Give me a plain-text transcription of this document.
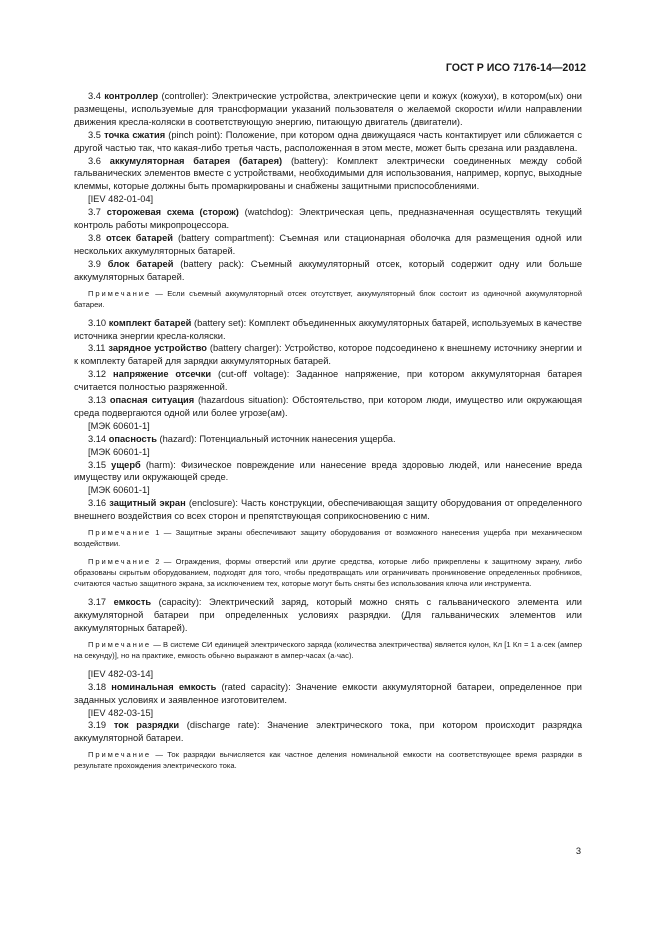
ГОСТ Р ИСО 7176-14—2012

3.4 контроллер (controller): Электрические устройства, электрические цепи и кожух (кожухи), в котором(ых) они размещены, используемые для трансформации указаний пользователя о желаемой скорости и/или направлении движения кресла-коляски в соответствующую энергию, питающую двигатель (двигатели).

3.5 точка сжатия (pinch point): Положение, при котором одна движущаяся часть контактирует или сближается с другой частью так, что какая-либо третья часть, расположенная в этом месте, может быть срезана или раздавлена.

3.6 аккумуляторная батарея (батарея) (battery): Комплект электрически соединенных между собой гальванических элементов вместе с устройствами, необходимыми для использования, например, корпус, выходные клеммы, которые должны быть промаркированы и снабжены защитными приспособлениями.

[IEV 482-01-04]

3.7 сторожевая схема (сторож) (watchdog): Электрическая цепь, предназначенная осуществлять текущий контроль работы микропроцессора.

3.8 отсек батарей (battery compartment): Съемная или стационарная оболочка для размещения одной или нескольких аккумуляторных батарей.

3.9 блок батарей (battery pack): Съемный аккумуляторный отсек, который содержит одну или больше аккумуляторных батарей.

Примечание — Если съемный аккумуляторный отсек отсутствует, аккумуляторный блок состоит из одиночной аккумуляторной батареи.

3.10 комплект батарей (battery set): Комплект объединенных аккумуляторных батарей, используемых в качестве источника энергии кресла-коляски.

3.11 зарядное устройство (battery charger): Устройство, которое подсоединено к внешнему источнику энергии и к комплекту батарей для зарядки аккумуляторных батарей.

3.12 напряжение отсечки (cut-off voltage): Заданное напряжение, при котором аккумуляторная батарея считается полностью разряженной.

3.13 опасная ситуация (hazardous situation): Обстоятельство, при котором люди, имущество или окружающая среда подвергаются одной или более угрозе(ам).

[МЭК 60601-1]

3.14 опасность (hazard): Потенциальный источник нанесения ущерба.

[МЭК 60601-1]

3.15 ущерб (harm): Физическое повреждение или нанесение вреда здоровью людей, или нанесение вреда имуществу или окружающей среде.

[МЭК 60601-1]

3.16 защитный экран (enclosure): Часть конструкции, обеспечивающая защиту оборудования от определенного внешнего воздействия со всех сторон и препятствующая соприкосновению с ним.

Примечание 1 — Защитные экраны обеспечивают защиту оборудования от возможного нанесения ущерба при механическом воздействии.

Примечание 2 — Ограждения, формы отверстий или другие средства, которые либо прикреплены к защитному экрану, либо образованы скрытым оборудованием, подходят для того, чтобы предотвращать или ограничивать проникновение определенных пробников, считаются частью защитного экрана, за исключением тех, которые могут быть сняты без использования ключа или инструмента.

3.17 емкость (capacity): Электрический заряд, который можно снять с гальванического элемента или аккумуляторной батареи при определенных условиях разрядки. (Для гальванических элементов или аккумуляторных батарей).

Примечание — В системе СИ единицей электрического заряда (количества электричества) является кулон, Кл [1 Кл = 1 а·сек (ампер на секунду)], но на практике, емкость обычно выражают в ампер-часах (а·час).

[IEV 482-03-14]

3.18 номинальная емкость (rated capacity): Значение емкости аккумуляторной батареи, определенное при заданных условиях и заявленное изготовителем.

[IEV 482-03-15]

3.19 ток разрядки (discharge rate): Значение электрического тока, при котором происходит разрядка аккумуляторной батареи.

Примечание — Ток разрядки вычисляется как частное деления номинальной емкости на соответствующее время разрядки в результате прохождения электрического тока.

3
